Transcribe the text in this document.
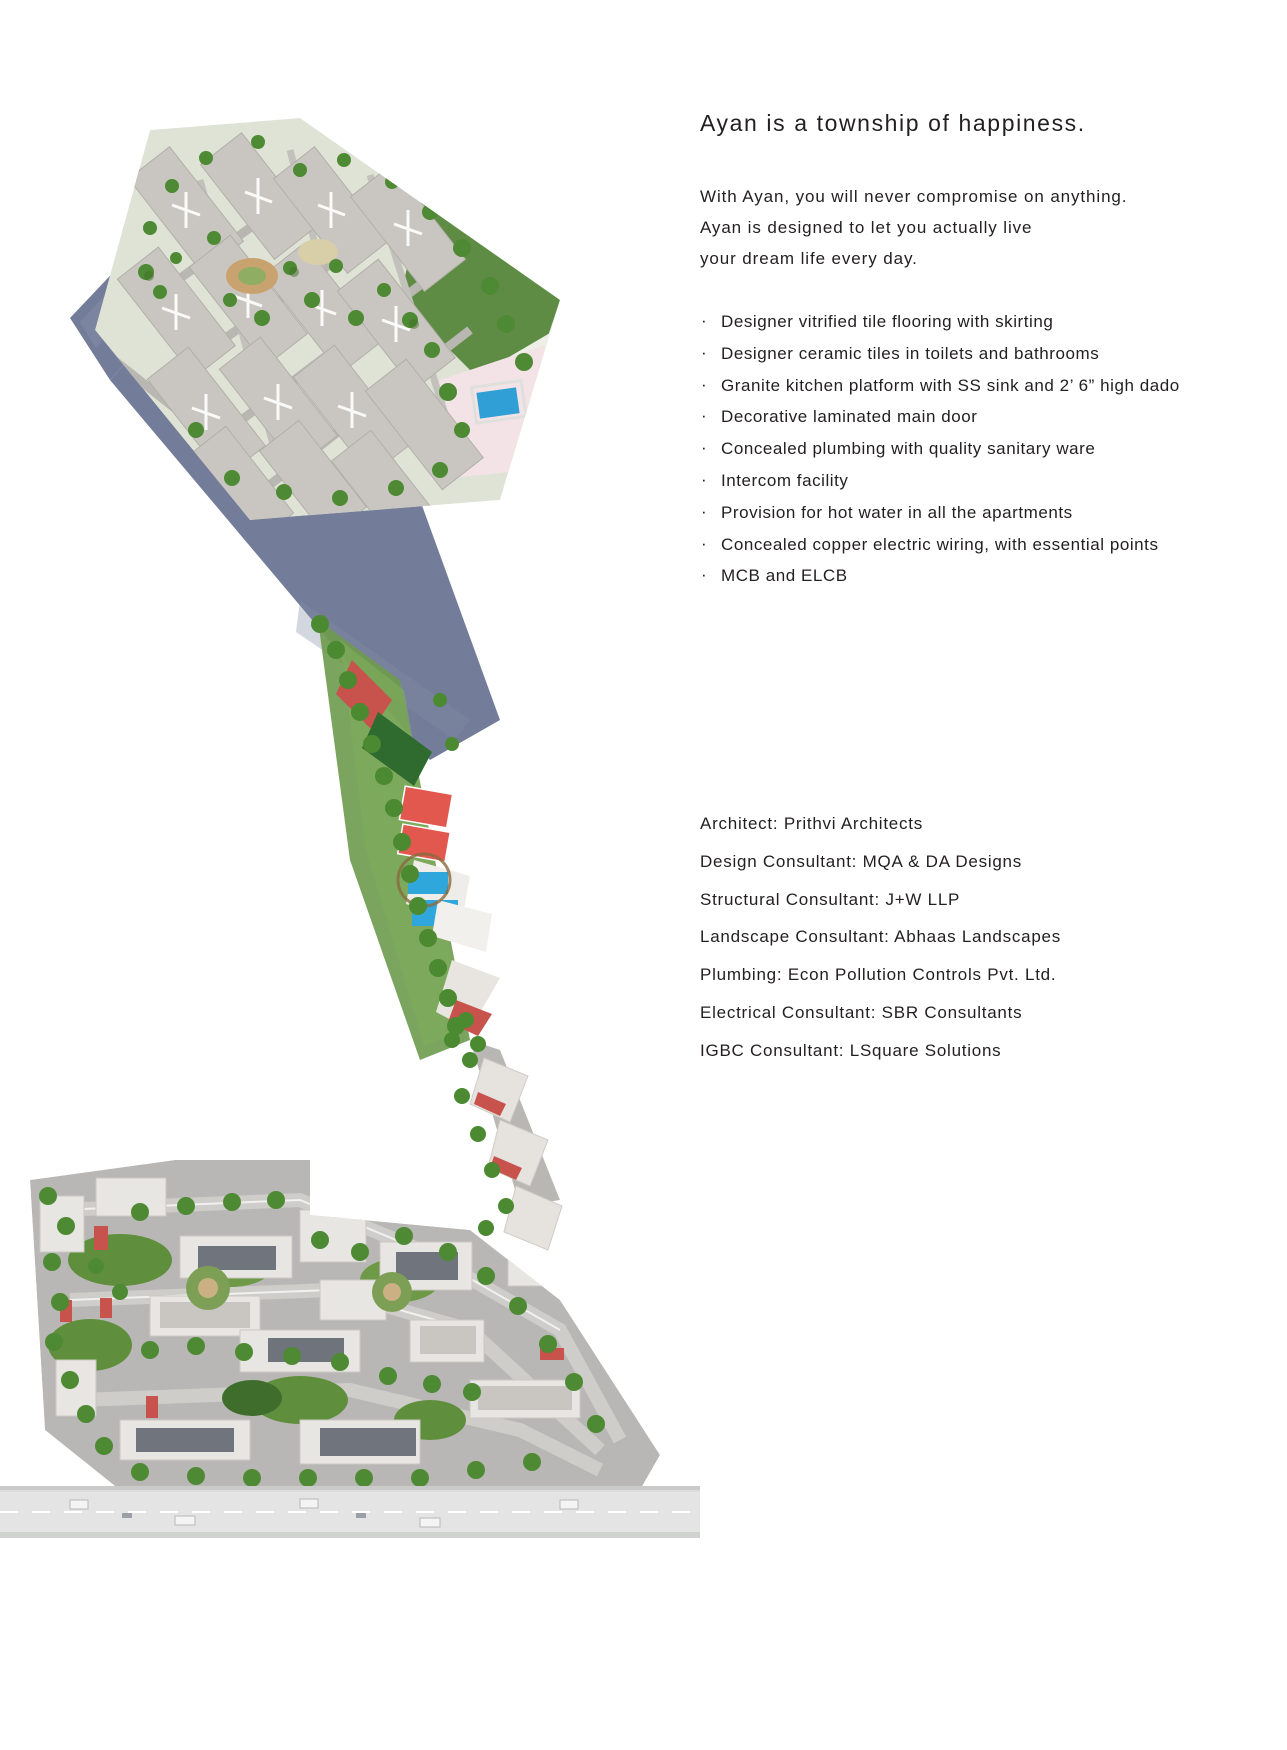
Ayan is a township of happiness.
With Ayan, you will never compromise on anything.
Ayan is designed to let you actually live
your dream life every day.
· Designer vitrified tile flooring with skirting
· Designer ceramic tiles in toilets and bathrooms
· Granite kitchen platform with SS sink and 2’ 6” high dado
· Decorative laminated main door
· Concealed plumbing with quality sanitary ware
· Intercom facility
· Provision for hot water in all the apartments
· Concealed copper electric wiring, with essential points
· MCB and ELCB
Architect: Prithvi Architects
Design Consultant: MQA & DA Designs
Structural Consultant: J+W LLP
Landscape Consultant: Abhaas Landscapes
Plumbing: Econ Pollution Controls Pvt. Ltd.
Electrical Consultant: SBR Consultants
IGBC Consultant: LSquare Solutions
